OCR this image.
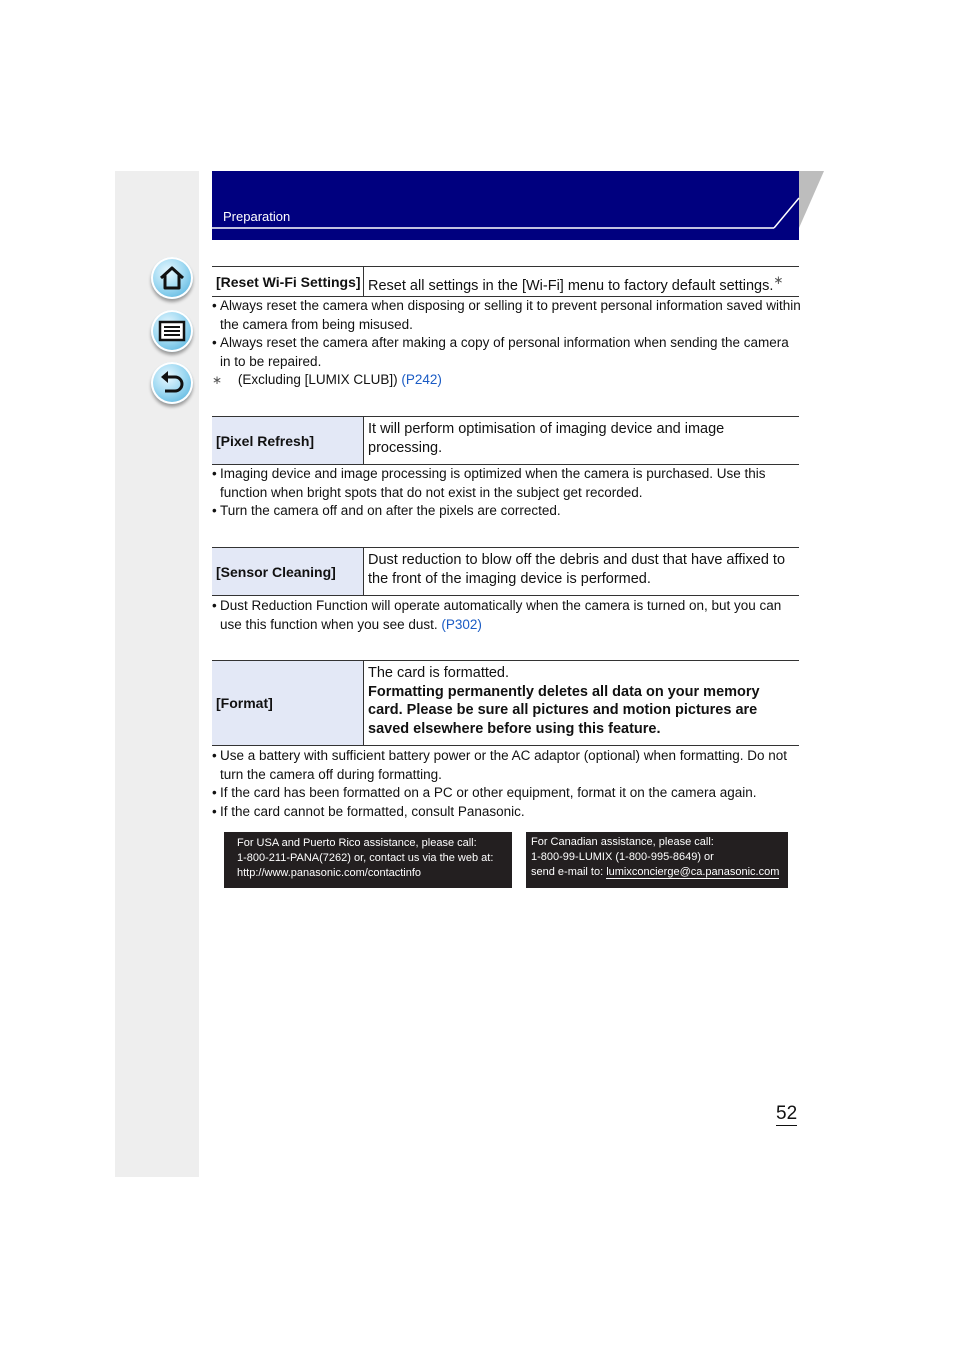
Preparation
[Reset Wi-Fi Settings] Reset all settings in the [Wi-Fi] menu to factory default settings.∗
• Always reset the camera when disposing or selling it to prevent personal information saved within the camera from being misused.
• Always reset the camera after making a copy of personal information when sending the camera in to be repaired.
∗ (Excluding [LUMIX CLUB]) (P242)
[Pixel Refresh]
It will perform optimisation of imaging device and image processing.
• Imaging device and image processing is optimized when the camera is purchased. Use this function when bright spots that do not exist in the subject get recorded.
• Turn the camera off and on after the pixels are corrected.
[Sensor Cleaning]
Dust reduction to blow off the debris and dust that have affixed to the front of the imaging device is performed.
• Dust Reduction Function will operate automatically when the camera is turned on, but you can use this function when you see dust. (P302)
[Format]
The card is formatted.
Formatting permanently deletes all data on your memory card. Please be sure all pictures and motion pictures are saved elsewhere before using this feature.
• Use a battery with sufficient battery power or the AC adaptor (optional) when formatting. Do not turn the camera off during formatting.
• If the card has been formatted on a PC or other equipment, format it on the camera again.
• If the card cannot be formatted, consult Panasonic.
For USA and Puerto Rico assistance, please call:
1-800-211-PANA(7262) or, contact us via the web at:
http://www.panasonic.com/contactinfo
For Canadian assistance, please call:
1-800-99-LUMIX (1-800-995-8649) or
send e-mail to: lumixconcierge@ca.panasonic.com
52
